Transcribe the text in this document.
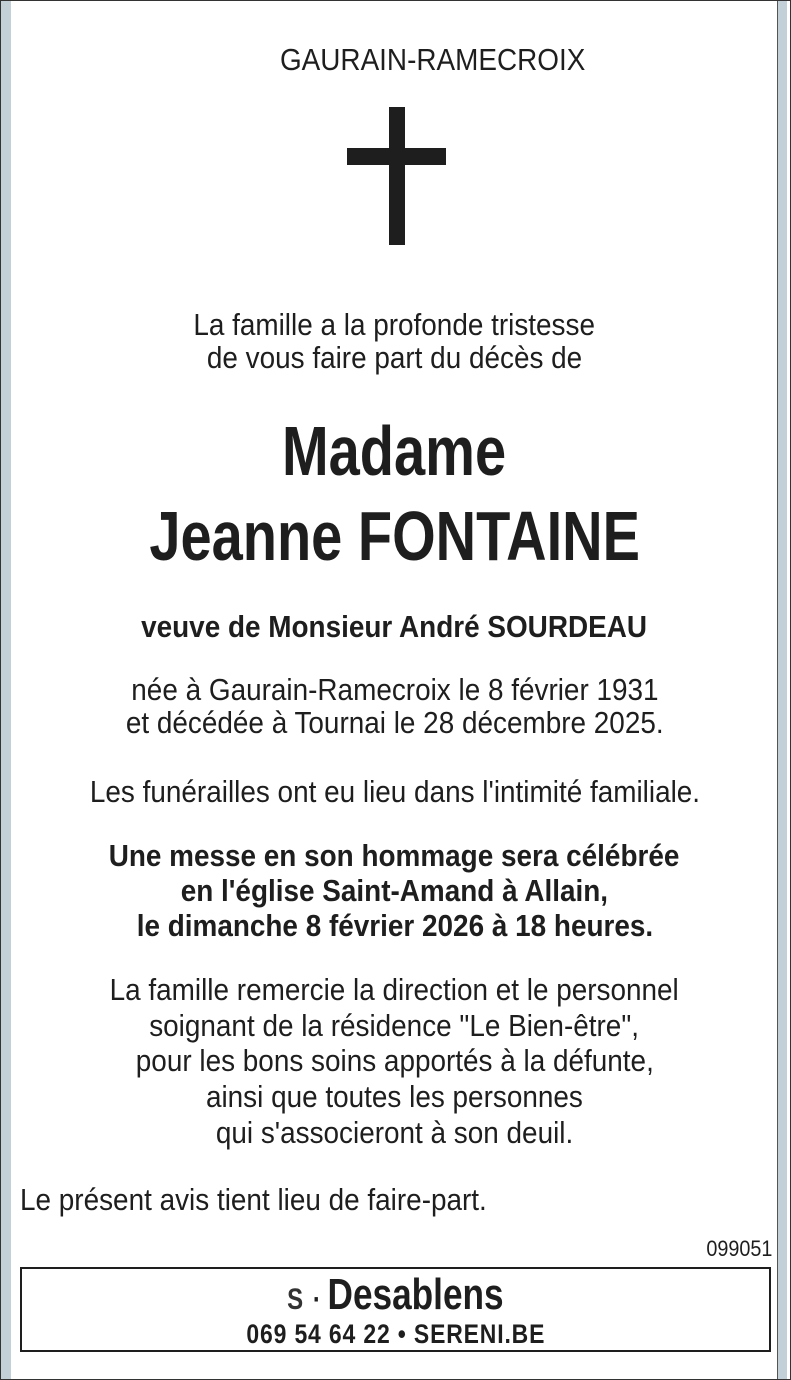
GAURAIN-RAMECROIX
La famille a la profonde tristesse
de vous faire part du décès de
Madame
Jeanne FONTAINE
veuve de Monsieur André SOURDEAU
née à Gaurain-Ramecroix le 8 février 1931
et décédée à Tournai le 28 décembre 2025.
Les funérailles ont eu lieu dans l'intimité familiale.
Une messe en son hommage sera célébrée
en l'église Saint-Amand à Allain,
le dimanche 8 février 2026 à 18 heures.
La famille remercie la direction et le personnel
soignant de la résidence "Le Bien-être",
pour les bons soins apportés à la défunte,
ainsi que toutes les personnes
qui s'associeront à son deuil.
Le présent avis tient lieu de faire-part.
099051
S · Desablens
069 54 64 22 • SERENI.BE
